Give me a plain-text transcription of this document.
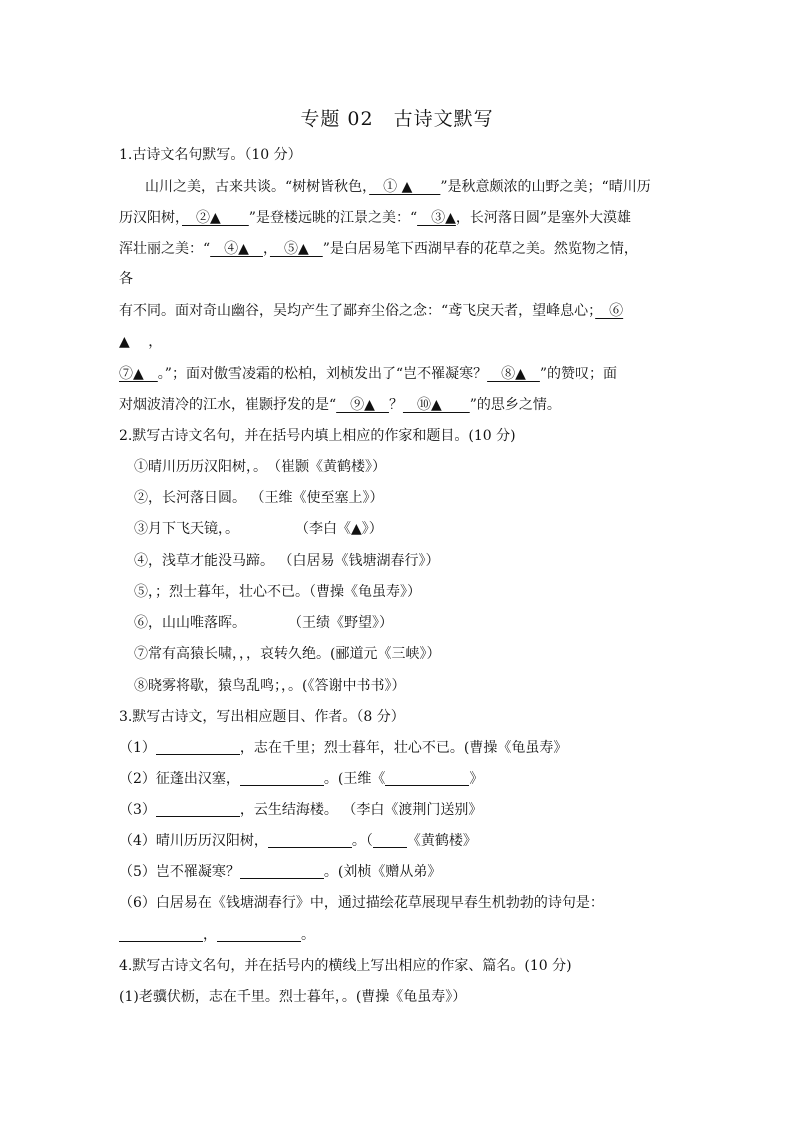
专题 02　古诗文默写
1.古诗文名句默写。（10 分）
山川之美，古来共谈。“树树皆秋色，　① ▲　　”是秋意颇浓的山野之美；“晴川历
历汉阳树，　②▲　　”是登楼远眺的江景之美：“　③▲，长河落日圆”是塞外大漠雄
浑壮丽之美：“　④▲　，　⑤▲　”是白居易笔下西湖早春的花草之美。然览物之情，
各
有不同。面对奇山幽谷，吴均产生了鄙弃尘俗之念：“鸢飞戾天者，望峰息心；　⑥
▲　 ，
⑦▲　。”；面对傲雪凌霜的松柏，刘桢发出了“岂不罹凝寒？　⑧▲　”的赞叹；面
对烟波清冷的江水，崔颢抒发的是“　⑨▲　？　⑩▲　　”的思乡之情。
2.默写古诗文名句，并在括号内填上相应的作家和题目。(10 分)
①晴川历历汉阳树，。　（崔颢《黄鹤楼》）
②，长河落日圆。 （王维《使至塞上》）
③月下飞天镜，。　　　　　（李白《▲》）
④，浅草才能没马蹄。 （白居易《钱塘湖春行》）
⑤，；烈士暮年，壮心不已。（曹操《龟虽寿》）
⑥，山山唯落晖。　　　　（王绩《野望》）
⑦常有高猿长啸，，，哀转久绝。(郦道元《三峡》）
⑧晓雾将歇，猿鸟乱鸣；，。(《答谢中书书》）
3.默写古诗文，写出相应题目、作者。（8 分）
（1）	，志在千里；烈士暮年，壮心不已。(曹操《龟虽寿》
（2）征蓬出汉塞，	。(王维《	》
（3）	，云生结海楼。 （李白《渡荆门送别》
（4）晴川历历汉阳树，	。（ 《黄鹤楼》
（5）岂不罹凝寒？	。(刘桢《赠从弟》
（6）白居易在《钱塘湖春行》中，通过描绘花草展现早春生机勃勃的诗句是：
，	。
4.默写古诗文名句，并在括号内的横线上写出相应的作家、篇名。(10 分)
(1)老骥伏枥，志在千里。烈士暮年，。(曹操《龟虽寿》）
